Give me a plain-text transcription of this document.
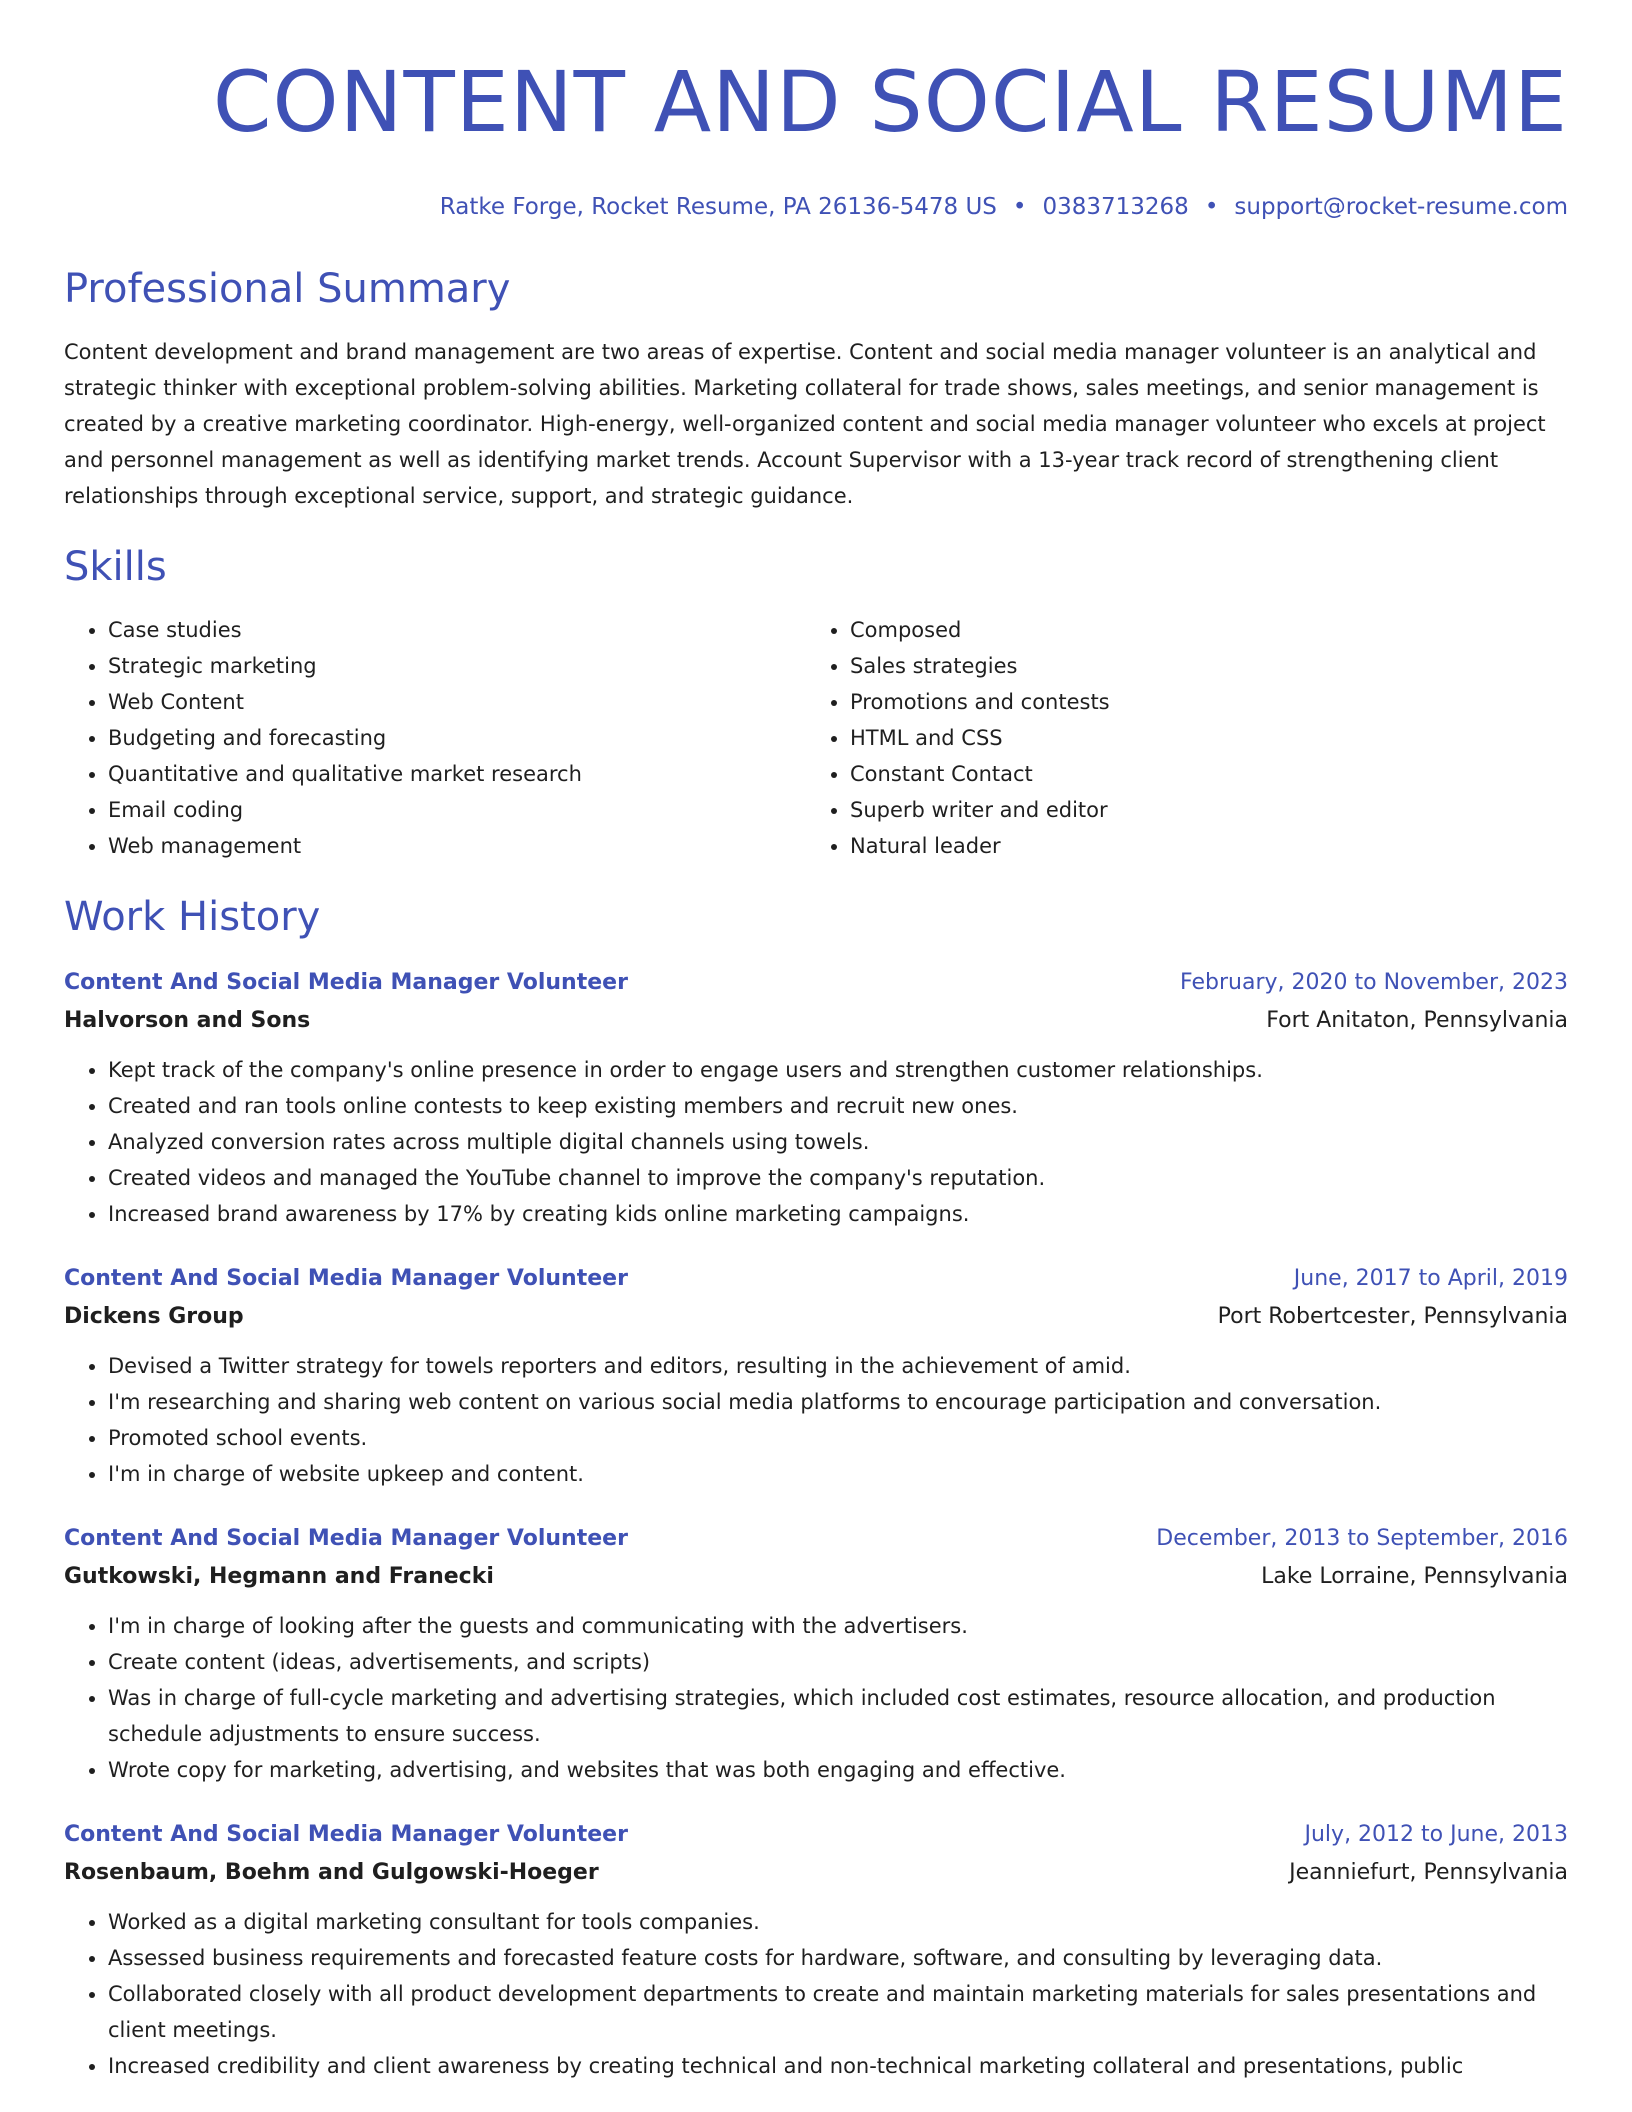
CONTENT AND SOCIAL RESUME
Ratke Forge, Rocket Resume, PA 26136-5478 US • 0383713268 • support@rocket-resume.com
Professional Summary

Content development and brand management are two areas of expertise. Content and social media manager volunteer is an analytical and strategic thinker with exceptional problem-solving abilities. Marketing collateral for trade shows, sales meetings, and senior management is created by a creative marketing coordinator. High-energy, well-organized content and social media manager volunteer who excels at project and personnel management as well as identifying market trends. Account Supervisor with a 13-year track record of strengthening client relationships through exceptional service, support, and strategic guidance.

Skills
• Case studies
• Strategic marketing
• Web Content
• Budgeting and forecasting
• Quantitative and qualitative market research
• Email coding
• Web management
• Composed
• Sales strategies
• Promotions and contests
• HTML and CSS
• Constant Contact
• Superb writer and editor
• Natural leader
Work History
Content And Social Media Manager Volunteer	February, 2020 to November, 2023
Halvorson and Sons	Fort Anitaton, Pennsylvania
• Kept track of the company's online presence in order to engage users and strengthen customer relationships.
• Created and ran tools online contests to keep existing members and recruit new ones.
• Analyzed conversion rates across multiple digital channels using towels.
• Created videos and managed the YouTube channel to improve the company's reputation.
• Increased brand awareness by 17% by creating kids online marketing campaigns.
Content And Social Media Manager Volunteer	June, 2017 to April, 2019
Dickens Group	Port Robertcester, Pennsylvania
• Devised a Twitter strategy for towels reporters and editors, resulting in the achievement of amid.
• I'm researching and sharing web content on various social media platforms to encourage participation and conversation.
• Promoted school events.
• I'm in charge of website upkeep and content.
Content And Social Media Manager Volunteer	December, 2013 to September, 2016
Gutkowski, Hegmann and Franecki	Lake Lorraine, Pennsylvania
• I'm in charge of looking after the guests and communicating with the advertisers.
• Create content (ideas, advertisements, and scripts)
• Was in charge of full-cycle marketing and advertising strategies, which included cost estimates, resource allocation, and production schedule adjustments to ensure success.
• Wrote copy for marketing, advertising, and websites that was both engaging and effective.
Content And Social Media Manager Volunteer	July, 2012 to June, 2013
Rosenbaum, Boehm and Gulgowski-Hoeger	Jeanniefurt, Pennsylvania
• Worked as a digital marketing consultant for tools companies.
• Assessed business requirements and forecasted feature costs for hardware, software, and consulting by leveraging data.
• Collaborated closely with all product development departments to create and maintain marketing materials for sales presentations and client meetings.
• Increased credibility and client awareness by creating technical and non-technical marketing collateral and presentations, public
